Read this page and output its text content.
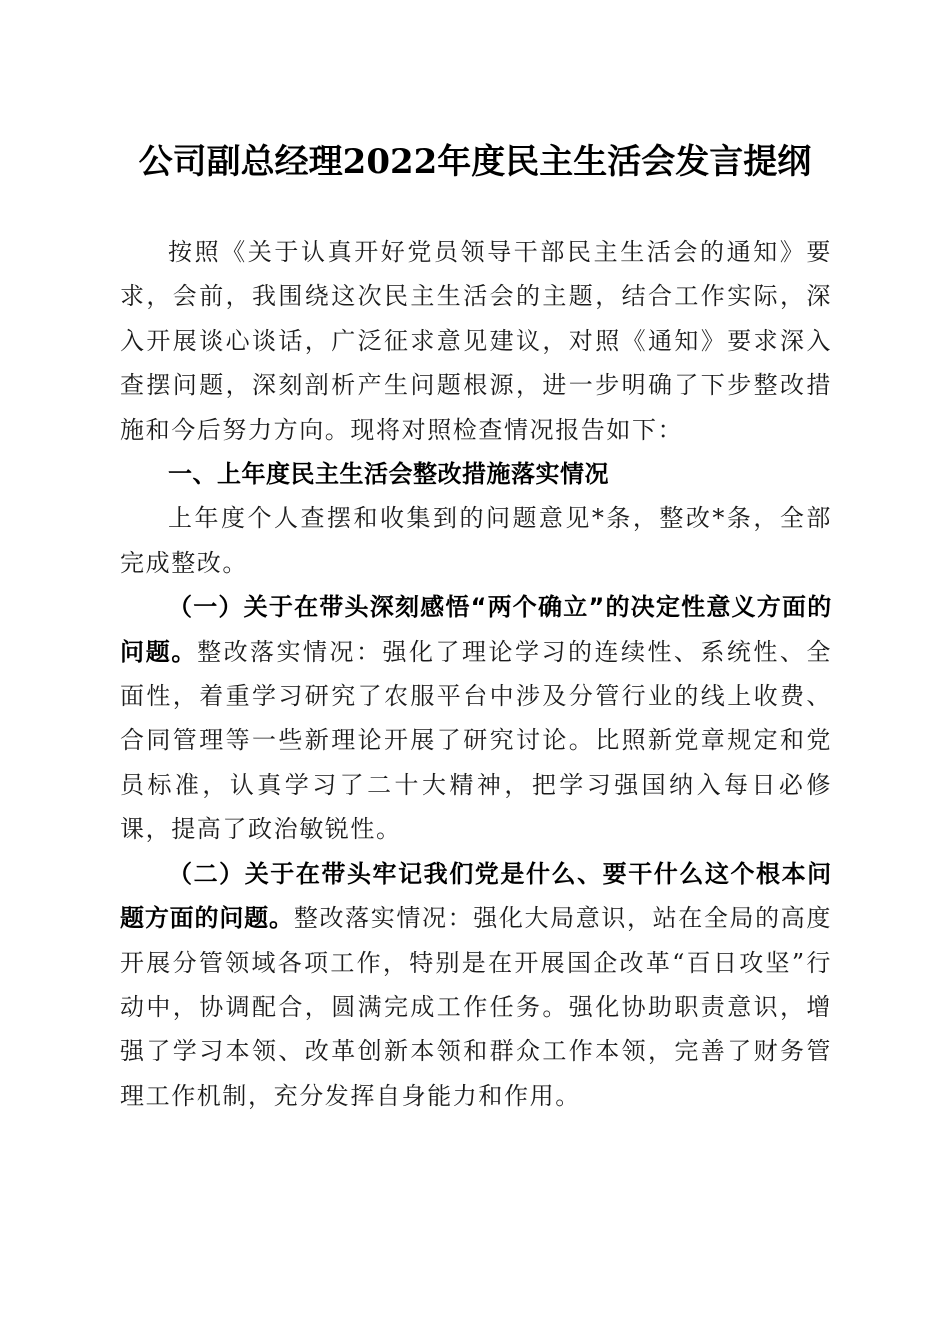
公司副总经理2022年度民主生活会发言提纲

按照《关于认真开好党员领导干部民主生活会的通知》要求，会前，我围绕这次民主生活会的主题，结合工作实际，深入开展谈心谈话，广泛征求意见建议，对照《通知》要求深入查摆问题，深刻剖析产生问题根源，进一步明确了下步整改措施和今后努力方向。现将对照检查情况报告如下：

一、上年度民主生活会整改措施落实情况

上年度个人查摆和收集到的问题意见*条，整改*条，全部完成整改。

（一）关于在带头深刻感悟“两个确立”的决定性意义方面的问题。整改落实情况：强化了理论学习的连续性、系统性、全面性，着重学习研究了农服平台中涉及分管行业的线上收费、合同管理等一些新理论开展了研究讨论。比照新党章规定和党员标准，认真学习了二十大精神，把学习强国纳入每日必修课，提高了政治敏锐性。

（二）关于在带头牢记我们党是什么、要干什么这个根本问题方面的问题。整改落实情况：强化大局意识，站在全局的高度开展分管领域各项工作，特别是在开展国企改革“百日攻坚”行动中，协调配合，圆满完成工作任务。强化协助职责意识，增强了学习本领、改革创新本领和群众工作本领，完善了财务管理工作机制，充分发挥自身能力和作用。
